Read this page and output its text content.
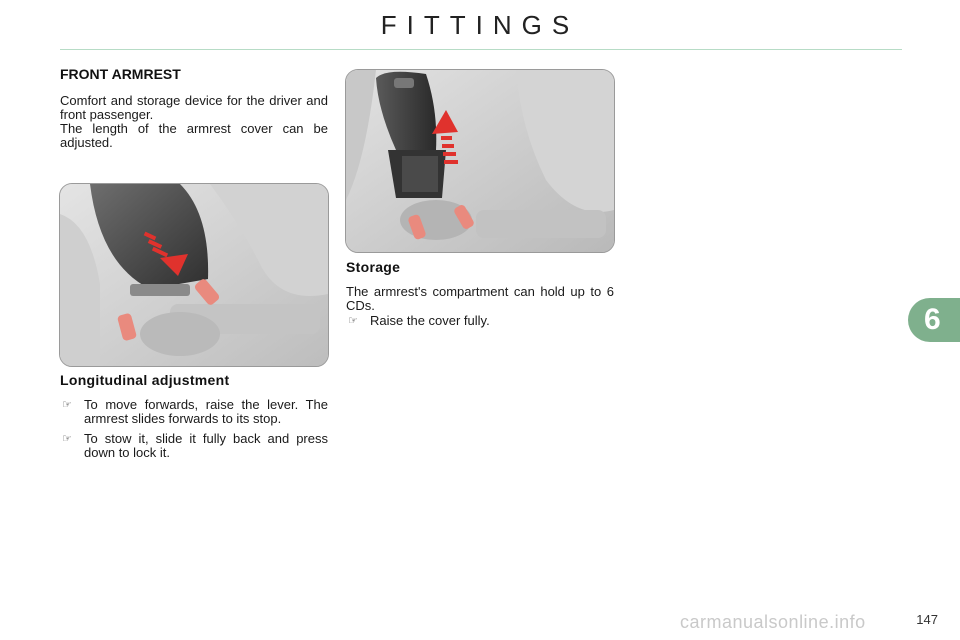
FITTINGS
FRONT ARMREST
Comfort and storage device for the driver and front passenger.
The length of the armrest cover can be adjusted.
Longitudinal adjustment
☞ To move forwards, raise the lever. The armrest slides forwards to its stop.
☞ To stow it, slide it fully back and press down to lock it.
Storage
The armrest's compartment can hold up to 6 CDs.
☞ Raise the cover fully.	6
carmanualsonline.info	147
